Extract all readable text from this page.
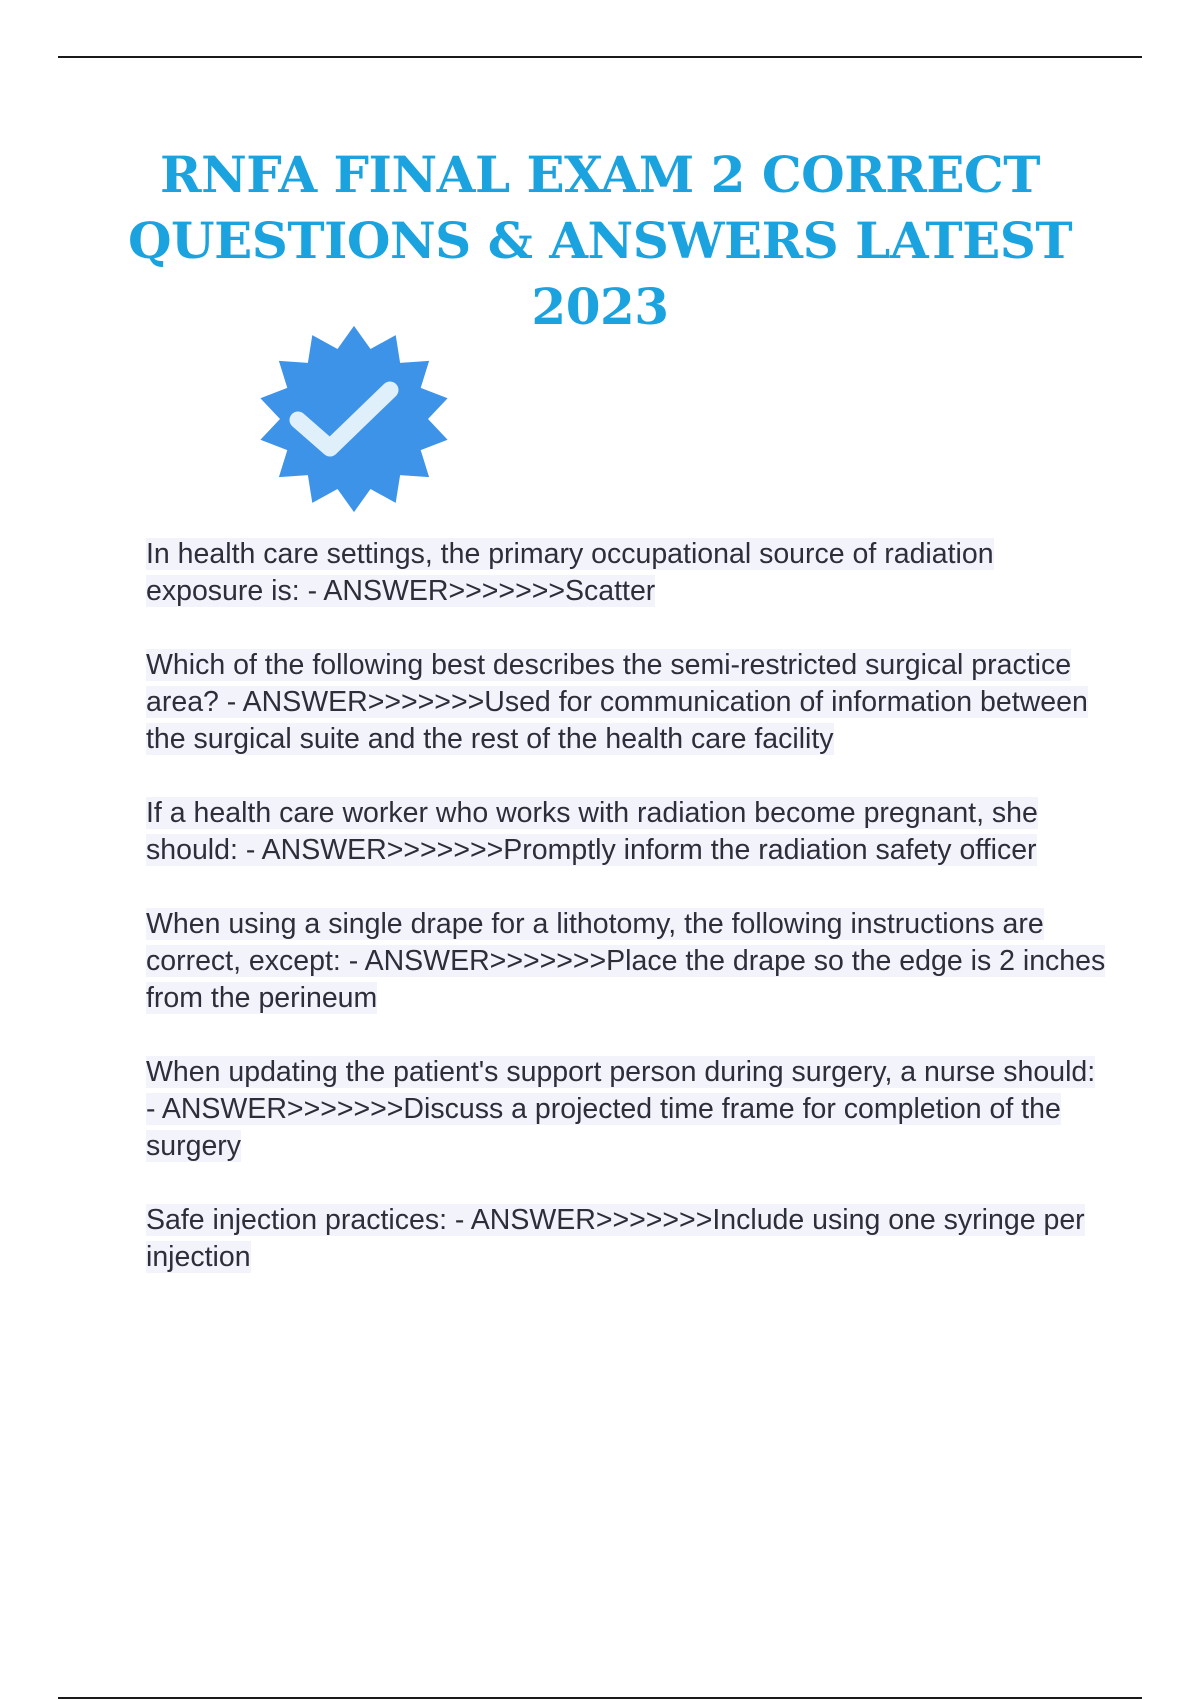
RNFA FINAL EXAM 2 CORRECT
QUESTIONS & ANSWERS LATEST 2023
In health care settings, the primary occupational source of radiation exposure is: - ANSWER>>>>>>>Scatter
Which of the following best describes the semi-restricted surgical practice area? - ANSWER>>>>>>>Used for communication of information between the surgical suite and the rest of the health care facility
If a health care worker who works with radiation become pregnant, she should: - ANSWER>>>>>>>Promptly inform the radiation safety officer
When using a single drape for a lithotomy, the following instructions are correct, except: - ANSWER>>>>>>>Place the drape so the edge is 2 inches from the perineum
When updating the patient's support person during surgery, a nurse should: - ANSWER>>>>>>>Discuss a projected time frame for completion of the surgery
Safe injection practices: - ANSWER>>>>>>>Include using one syringe per injection
